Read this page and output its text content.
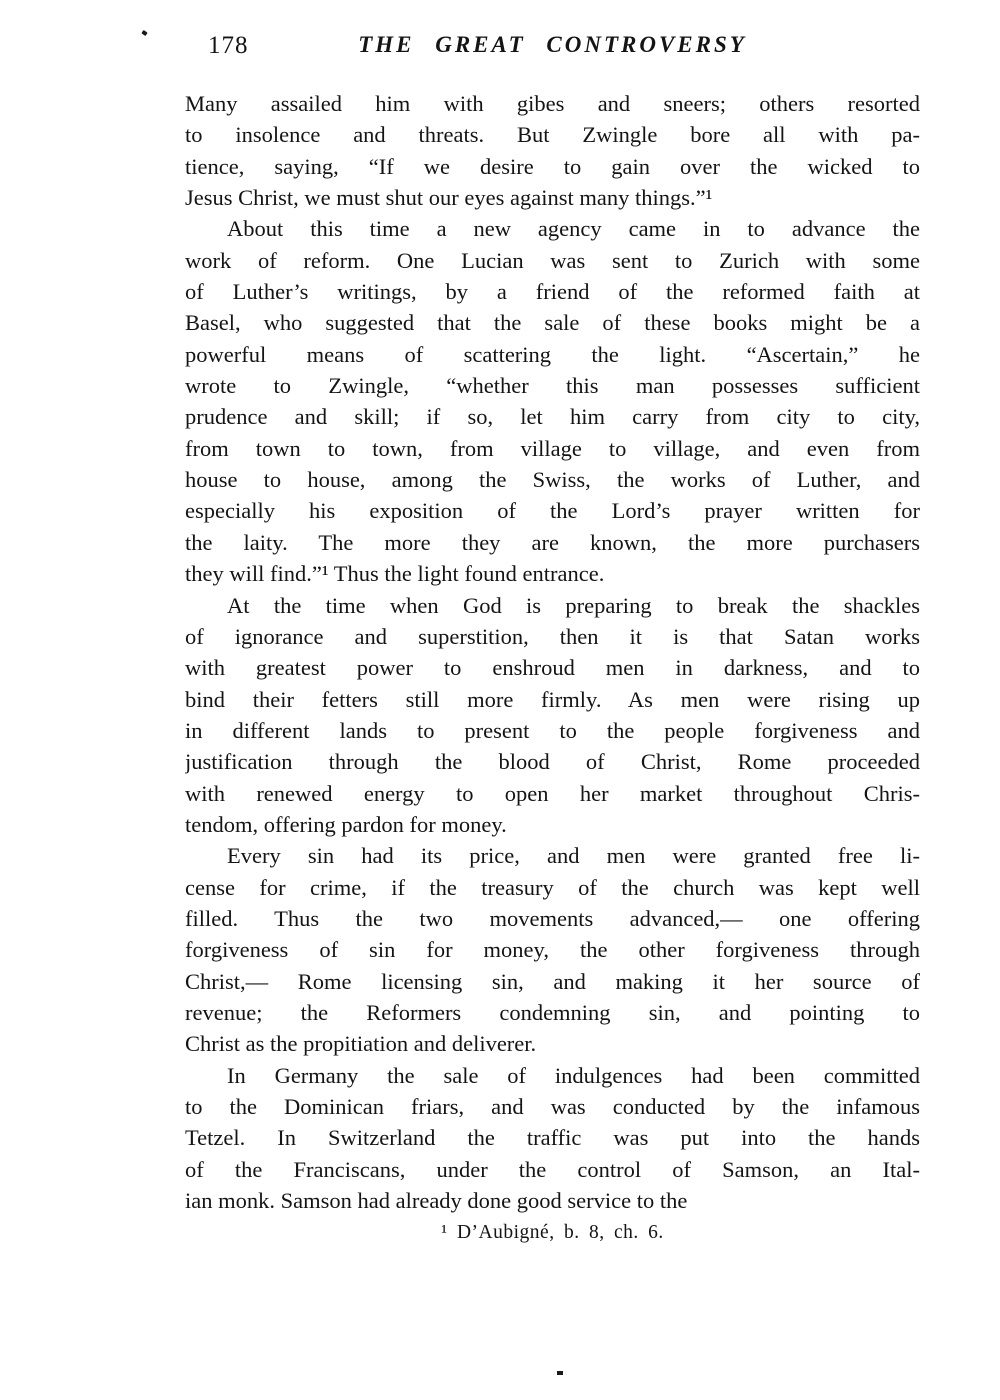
178	THE GREAT CONTROVERSY
Many assailed him with gibes and sneers; others resorted
to insolence and threats. But Zwingle bore all with pa-
tience, saying, “If we desire to gain over the wicked to
Jesus Christ, we must shut our eyes against many things.”¹
About this time a new agency came in to advance the
work of reform. One Lucian was sent to Zurich with some
of Luther’s writings, by a friend of the reformed faith at
Basel, who suggested that the sale of these books might be a
powerful means of scattering the light. “Ascertain,” he
wrote to Zwingle, “whether this man possesses sufficient
prudence and skill; if so, let him carry from city to city,
from town to town, from village to village, and even from
house to house, among the Swiss, the works of Luther, and
especially his exposition of the Lord’s prayer written for
the laity. The more they are known, the more purchasers
they will find.”¹ Thus the light found entrance.
At the time when God is preparing to break the shackles
of ignorance and superstition, then it is that Satan works
with greatest power to enshroud men in darkness, and to
bind their fetters still more firmly. As men were rising up
in different lands to present to the people forgiveness and
justification through the blood of Christ, Rome proceeded
with renewed energy to open her market throughout Chris-
tendom, offering pardon for money.
Every sin had its price, and men were granted free li-
cense for crime, if the treasury of the church was kept well
filled. Thus the two movements advanced,— one offering
forgiveness of sin for money, the other forgiveness through
Christ,— Rome licensing sin, and making it her source of
revenue; the Reformers condemning sin, and pointing to
Christ as the propitiation and deliverer.
In Germany the sale of indulgences had been committed
to the Dominican friars, and was conducted by the infamous
Tetzel. In Switzerland the traffic was put into the hands
of the Franciscans, under the control of Samson, an Ital-
ian monk. Samson had already done good service to the
¹ D’Aubigné, b. 8, ch. 6.
